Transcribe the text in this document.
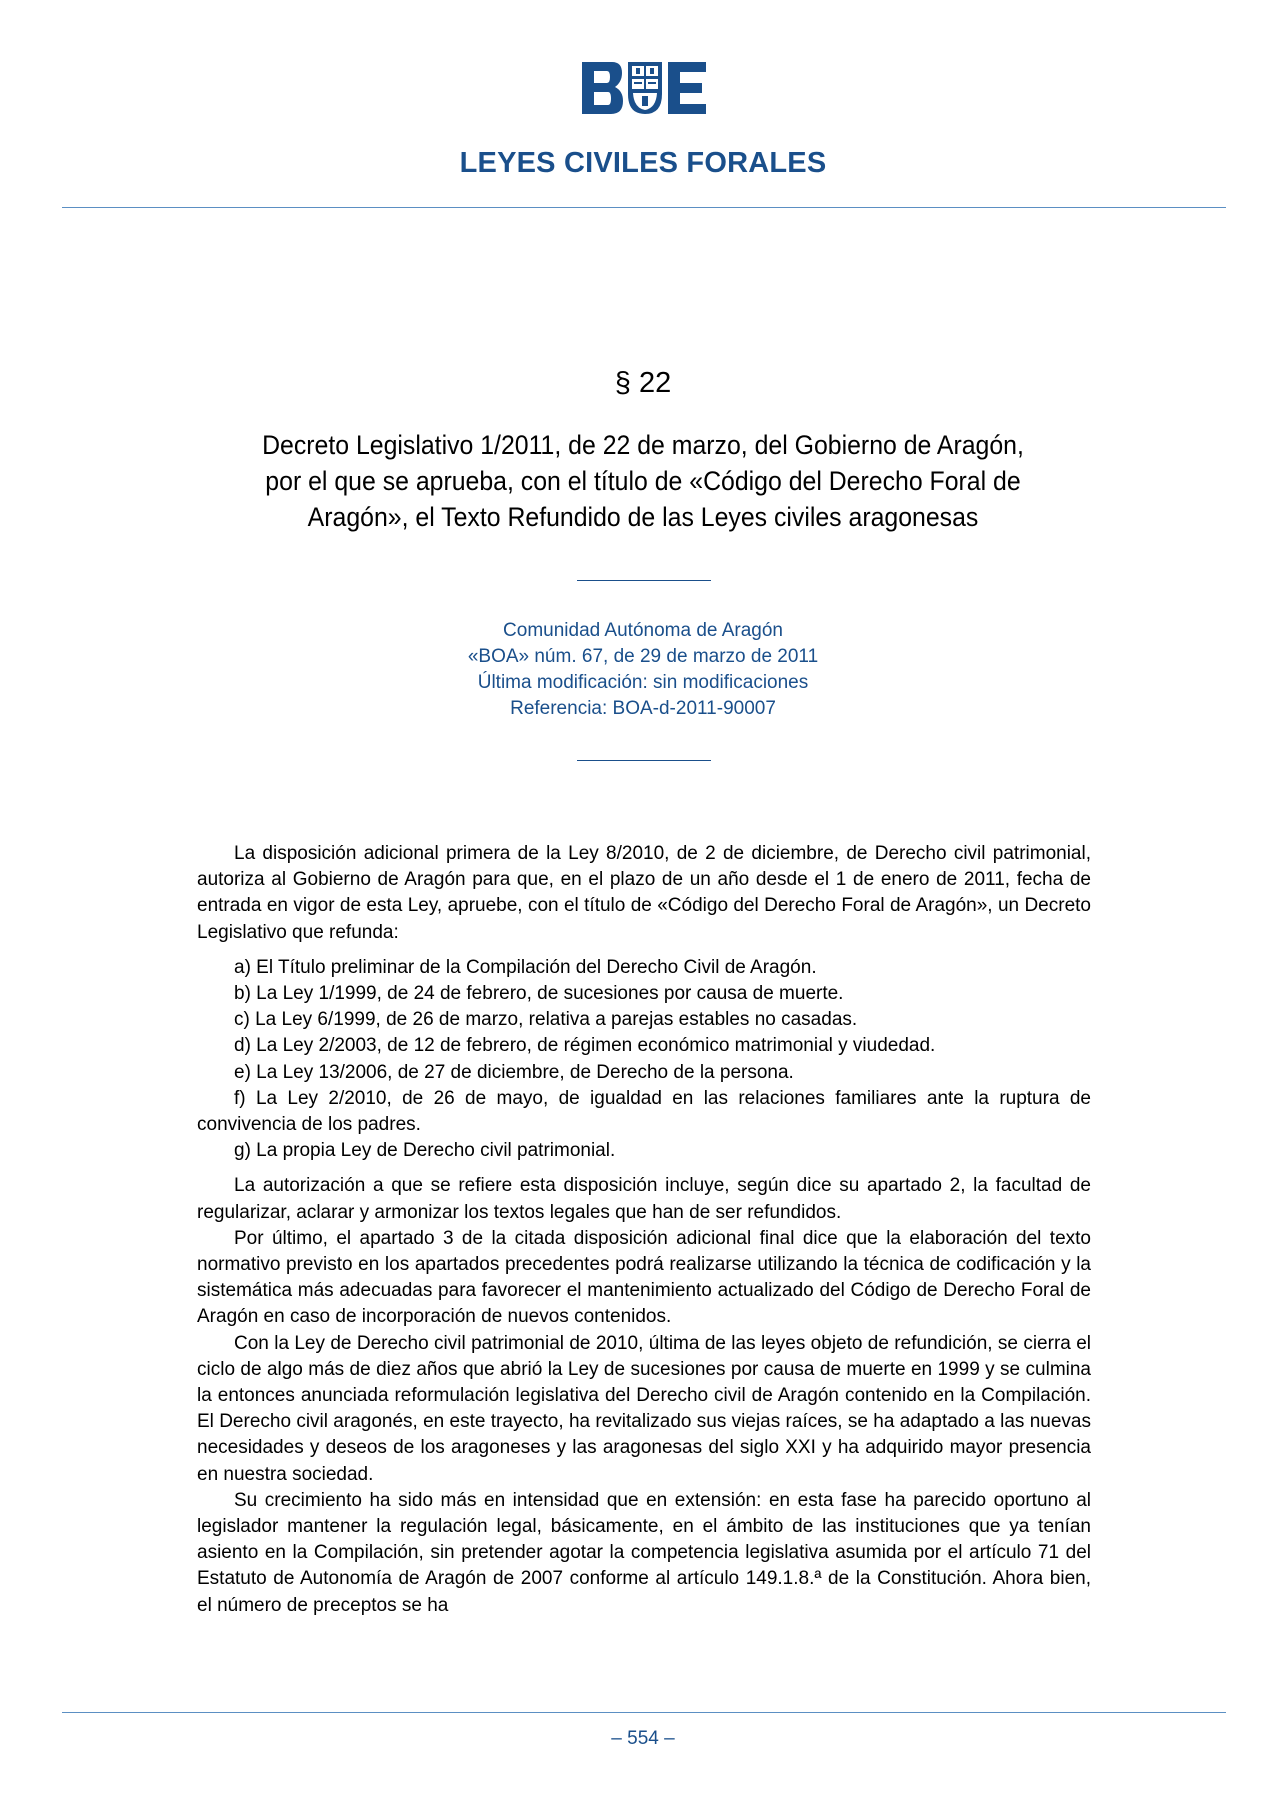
LEYES CIVILES FORALES
§ 22
Decreto Legislativo 1/2011, de 22 de marzo, del Gobierno de Aragón,
por el que se aprueba, con el título de «Código del Derecho Foral de
Aragón», el Texto Refundido de las Leyes civiles aragonesas
Comunidad Autónoma de Aragón
«BOA» núm. 67, de 29 de marzo de 2011
Última modificación: sin modificaciones
Referencia: BOA-d-2011-90007

La disposición adicional primera de la Ley 8/2010, de 2 de diciembre, de Derecho civil patrimonial, autoriza al Gobierno de Aragón para que, en el plazo de un año desde el 1 de enero de 2011, fecha de entrada en vigor de esta Ley, apruebe, con el título de «Código del Derecho Foral de Aragón», un Decreto Legislativo que refunda:

a) El Título preliminar de la Compilación del Derecho Civil de Aragón.

b) La Ley 1/1999, de 24 de febrero, de sucesiones por causa de muerte.

c) La Ley 6/1999, de 26 de marzo, relativa a parejas estables no casadas.

d) La Ley 2/2003, de 12 de febrero, de régimen económico matrimonial y viudedad.

e) La Ley 13/2006, de 27 de diciembre, de Derecho de la persona.

f) La Ley 2/2010, de 26 de mayo, de igualdad en las relaciones familiares ante la ruptura de convivencia de los padres.

g) La propia Ley de Derecho civil patrimonial.

La autorización a que se refiere esta disposición incluye, según dice su apartado 2, la facultad de regularizar, aclarar y armonizar los textos legales que han de ser refundidos.

Por último, el apartado 3 de la citada disposición adicional final dice que la elaboración del texto normativo previsto en los apartados precedentes podrá realizarse utilizando la técnica de codificación y la sistemática más adecuadas para favorecer el mantenimiento actualizado del Código de Derecho Foral de Aragón en caso de incorporación de nuevos contenidos.

Con la Ley de Derecho civil patrimonial de 2010, última de las leyes objeto de refundición, se cierra el ciclo de algo más de diez años que abrió la Ley de sucesiones por causa de muerte en 1999 y se culmina la entonces anunciada reformulación legislativa del Derecho civil de Aragón contenido en la Compilación. El Derecho civil aragonés, en este trayecto, ha revitalizado sus viejas raíces, se ha adaptado a las nuevas necesidades y deseos de los aragoneses y las aragonesas del siglo XXI y ha adquirido mayor presencia en nuestra sociedad.

Su crecimiento ha sido más en intensidad que en extensión: en esta fase ha parecido oportuno al legislador mantener la regulación legal, básicamente, en el ámbito de las instituciones que ya tenían asiento en la Compilación, sin pretender agotar la competencia legislativa asumida por el artículo 71 del Estatuto de Autonomía de Aragón de 2007 conforme al artículo 149.1.8.ª de la Constitución. Ahora bien, el número de preceptos se ha

– 554 –
